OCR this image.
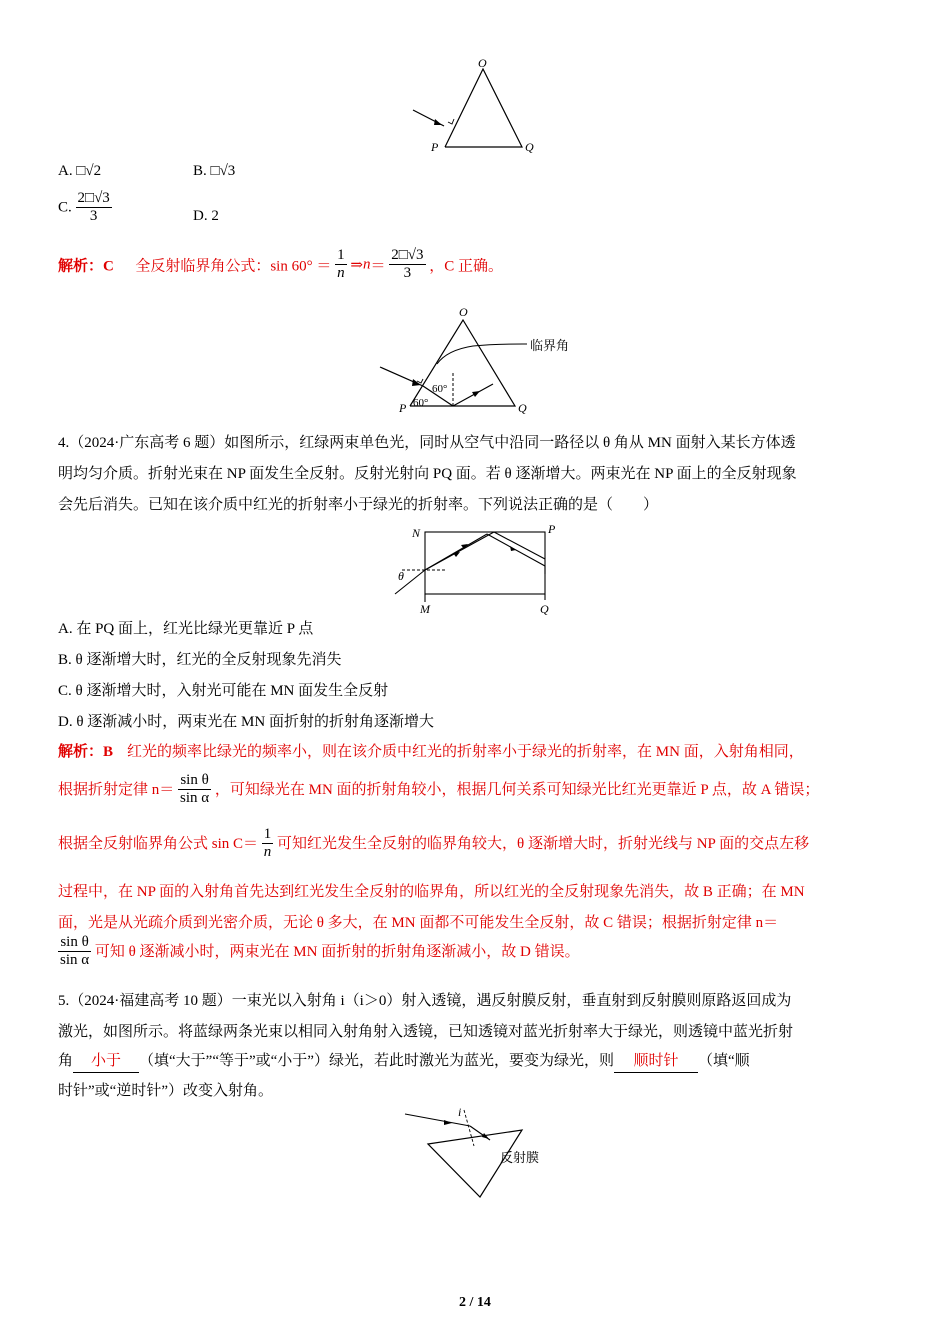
O
P	Q
A. □√2	B. □√3
C. $\frac{2□√3}{3}$	D. 2
解析：C 全反射临界角公式：$\sin 60^\circ = \frac{1}{n}$ ⇒n＝ $\frac{2□√3}{3}$ ，C 正确。
O
P	Q
60°
60°
临界角
4.（2024·广东高考 6 题）如图所示，红绿两束单色光，同时从空气中沿同一路径以 θ 角从 MN 面射入某长方体透
明均匀介质。折射光束在 NP 面发生全反射。反射光射向 PQ 面。若 θ 逐渐增大。两束光在 NP 面上的全反射现象
会先后消失。已知在该介质中红光的折射率小于绿光的折射率。下列说法正确的是（　　）
N	P
M	Q
θ
A. 在 PQ 面上，红光比绿光更靠近 P 点
B. θ 逐渐增大时，红光的全反射现象先消失
C. θ 逐渐增大时，入射光可能在 MN 面发生全反射
D. θ 逐渐减小时，两束光在 MN 面折射的折射角逐渐增大
解析：B 红光的频率比绿光的频率小，则在该介质中红光的折射率小于绿光的折射率，在 MN 面，入射角相同，
根据折射定律 $n= \frac{\text{sin θ}}{\text{sin α}}$ ，可知绿光在 MN 面的折射角较小，根据几何关系可知绿光比红光更靠近 P 点，故 A 错误；
根据全反射临界角公式 $\sin C= \frac{1}{n}$ 可知红光发生全反射的临界角较大，θ 逐渐增大时，折射光线与 NP 面的交点左移
过程中，在 NP 面的入射角首先达到红光发生全反射的临界角，所以红光的全反射现象先消失，故 B 正确；在 MN
面，光是从光疏介质到光密介质，无论 θ 多大，在 MN 面都不可能发生全反射，故 C 错误；根据折射定律 n＝
$\frac{\text{sin θ}}{\text{sin α}}$ 可知 θ 逐渐减小时，两束光在 MN 面折射的折射角逐渐减小，故 D 错误。
5.（2024·福建高考 10 题）一束光以入射角 i（i＞0）射入透镜，遇反射膜反射，垂直射到反射膜则原路返回成为
激光，如图所示。将蓝绿两条光束以相同入射角射入透镜，已知透镜对蓝光折射率大于绿光，则透镜中蓝光折射
角 小于 （填“大于”“等于”或“小于”）绿光，若此时激光为蓝光，要变为绿光，则 顺时针 （填“顺
时针”或“逆时针”）改变入射角。
i
反射膜
2 / 14
